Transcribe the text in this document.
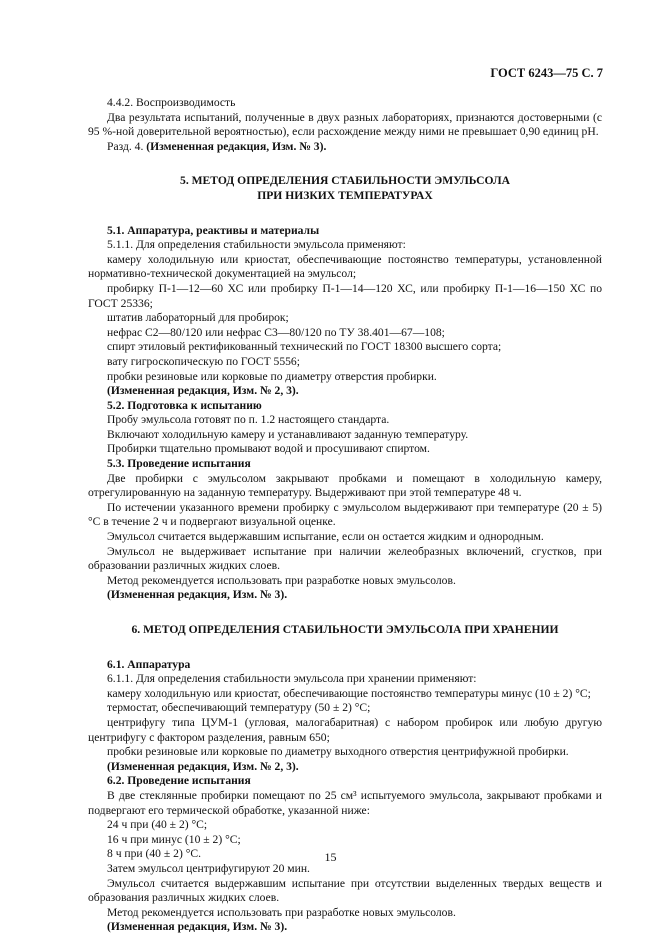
ГОСТ 6243—75 С. 7

4.4.2. Воспроизводимость

Два результата испытаний, полученные в двух разных лабораториях, признаются достоверными (с 95 %-ной доверительной вероятностью), если расхождение между ними не превышает 0,90 единиц рН.

Разд. 4. (Измененная редакция, Изм. № 3).

5. МЕТОД ОПРЕДЕЛЕНИЯ СТАБИЛЬНОСТИ ЭМУЛЬСОЛА

ПРИ НИЗКИХ ТЕМПЕРАТУРАХ

5.1. Аппаратура, реактивы и материалы

5.1.1. Для определения стабильности эмульсола применяют:

камеру холодильную или криостат, обеспечивающие постоянство температуры, установленной нормативно-технической документацией на эмульсол;

пробирку П-1—12—60 ХС или пробирку П-1—14—120 ХС, или пробирку П-1—16—150 ХС по ГОСТ 25336;

штатив лабораторный для пробирок;

нефрас С2—80/120 или нефрас С3—80/120 по ТУ 38.401—67—108;

спирт этиловый ректификованный технический по ГОСТ 18300 высшего сорта;

вату гигроскопическую по ГОСТ 5556;

пробки резиновые или корковые по диаметру отверстия пробирки.

(Измененная редакция, Изм. № 2, 3).

5.2. Подготовка к испытанию

Пробу эмульсола готовят по п. 1.2 настоящего стандарта.

Включают холодильную камеру и устанавливают заданную температуру.

Пробирки тщательно промывают водой и просушивают спиртом.

5.3. Проведение испытания

Две пробирки с эмульсолом закрывают пробками и помещают в холодильную камеру, отрегулированную на заданную температуру. Выдерживают при этой температуре 48 ч.

По истечении указанного времени пробирку с эмульсолом выдерживают при температуре (20 ± 5) °С в течение 2 ч и подвергают визуальной оценке.

Эмульсол считается выдержавшим испытание, если он остается жидким и однородным.

Эмульсол не выдерживает испытание при наличии желеобразных включений, сгустков, при образовании различных жидких слоев.

Метод рекомендуется использовать при разработке новых эмульсолов.

(Измененная редакция, Изм. № 3).

6. МЕТОД ОПРЕДЕЛЕНИЯ СТАБИЛЬНОСТИ ЭМУЛЬСОЛА ПРИ ХРАНЕНИИ

6.1. Аппаратура

6.1.1. Для определения стабильности эмульсола при хранении применяют:

камеру холодильную или криостат, обеспечивающие постоянство температуры минус (10 ± 2) °С;

термостат, обеспечивающий температуру (50 ± 2) °С;

центрифугу типа ЦУМ-1 (угловая, малогабаритная) с набором пробирок или любую другую центрифугу с фактором разделения, равным 650;

пробки резиновые или корковые по диаметру выходного отверстия центрифужной пробирки.

(Измененная редакция, Изм. № 2, 3).

6.2. Проведение испытания

В две стеклянные пробирки помещают по 25 см³ испытуемого эмульсола, закрывают пробками и подвергают его термической обработке, указанной ниже:

24 ч при (40 ± 2) °С;

16 ч при минус (10 ± 2) °С;

8 ч при (40 ± 2) °С.

Затем эмульсол центрифугируют 20 мин.

Эмульсол считается выдержавшим испытание при отсутствии выделенных твердых веществ и образования различных жидких слоев.

Метод рекомендуется использовать при разработке новых эмульсолов.

(Измененная редакция, Изм. № 3).

15
